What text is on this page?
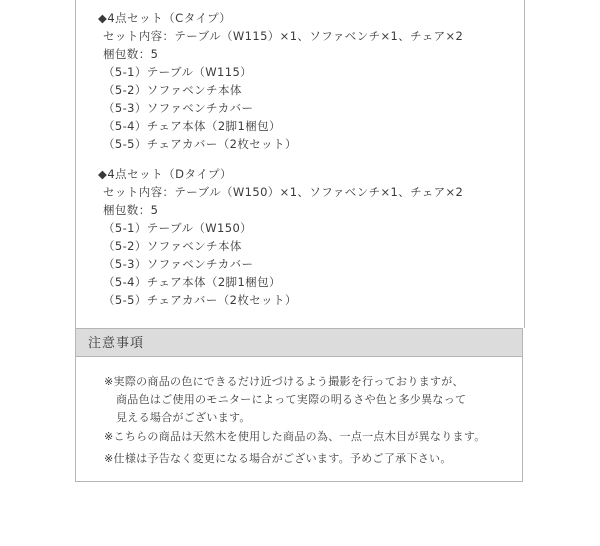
◆4点セット（Cタイプ）
セット内容：テーブル（W115）×1、ソファベンチ×1、チェア×2
梱包数：5
（5-1）テーブル（W115）
（5-2）ソファベンチ本体
（5-3）ソファベンチカバー
（5-4）チェア本体（2脚1梱包）
（5-5）チェアカバー（2枚セット）
◆4点セット（Dタイプ）
セット内容：テーブル（W150）×1、ソファベンチ×1、チェア×2
梱包数：5
（5-1）テーブル（W150）
（5-2）ソファベンチ本体
（5-3）ソファベンチカバー
（5-4）チェア本体（2脚1梱包）
（5-5）チェアカバー（2枚セット）
注意事項
※実際の商品の色にできるだけ近づけるよう撮影を行っておりますが、
商品色はご使用のモニターによって実際の明るさや色と多少異なって
見える場合がございます。
※こちらの商品は天然木を使用した商品の為、一点一点木目が異なります。
※仕様は予告なく変更になる場合がございます。予めご了承下さい。
